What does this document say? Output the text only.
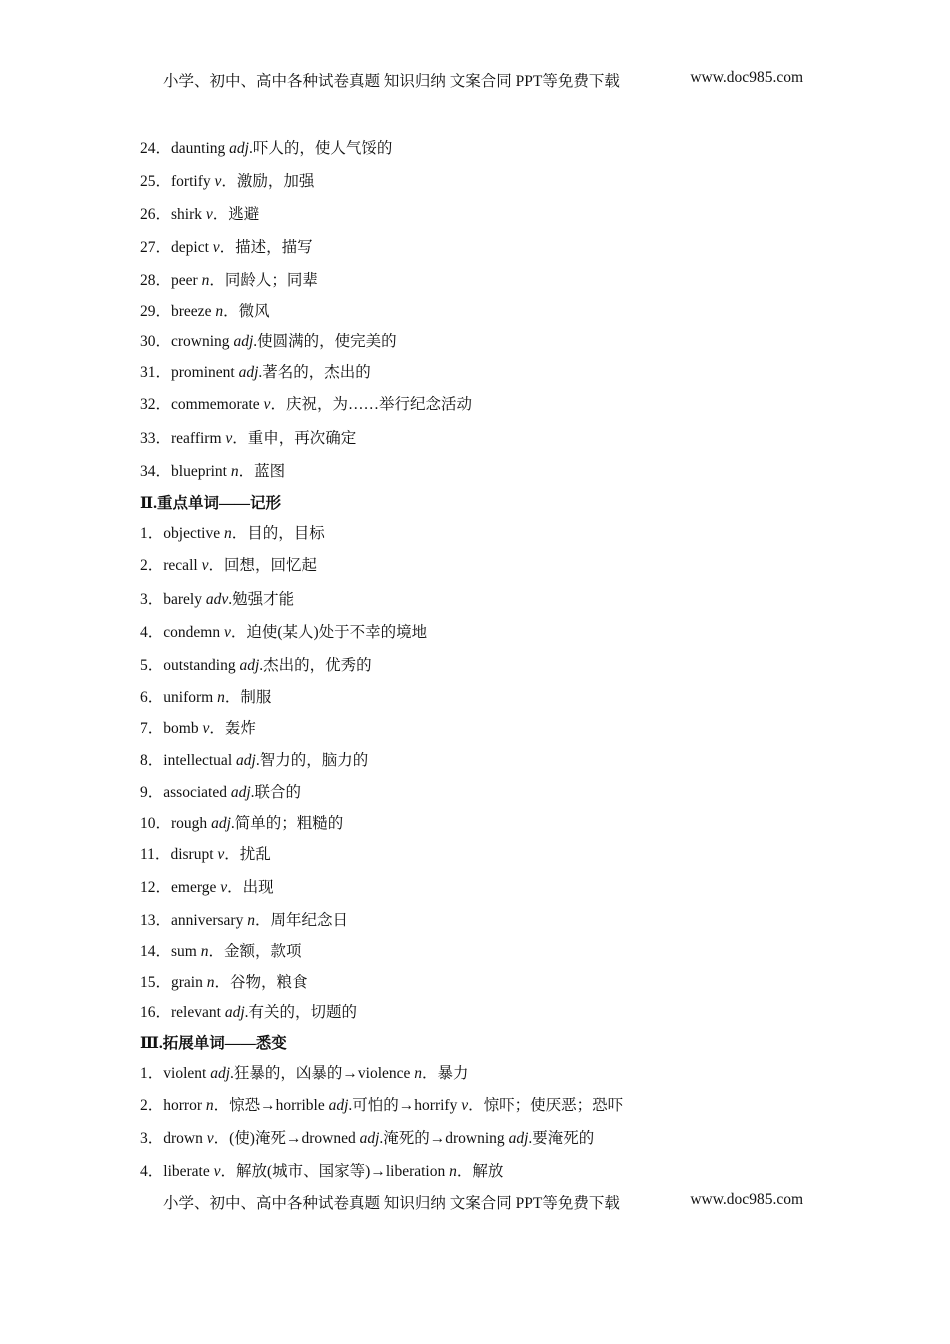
小学、初中、高中各种试卷真题 知识归纳 文案合同 PPT等免费下载	www.doc985.com
24．daunting adj.吓人的，使人气馁的
25．fortify v．激励，加强
26．shirk v．逃避
27．depict v．描述，描写
28．peer n．同龄人；同辈
29．breeze n．微风
30．crowning adj.使圆满的，使完美的
31．prominent adj.著名的，杰出的
32．commemorate v．庆祝，为……举行纪念活动
33．reaffirm v．重申，再次确定
34．blueprint n．蓝图
Ⅱ.重点单词——记形
1．objective n．目的，目标
2．recall v．回想，回忆起
3．barely adv.勉强才能
4．condemn v．迫使(某人)处于不幸的境地
5．outstanding adj.杰出的，优秀的
6．uniform n．制服
7．bomb v．轰炸
8．intellectual adj.智力的，脑力的
9．associated adj.联合的
10．rough adj.简单的；粗糙的
11．disrupt v．扰乱
12．emerge v．出现
13．anniversary n．周年纪念日
14．sum n．金额，款项
15．grain n．谷物，粮食
16．relevant adj.有关的，切题的
Ⅲ.拓展单词——悉变
1．violent adj.狂暴的，凶暴的→violence n．暴力
2．horror n．惊恐→horrible adj.可怕的→horrify v．惊吓；使厌恶；恐吓
3．drown v．(使)淹死→drowned adj.淹死的→drowning adj.要淹死的
4．liberate v．解放(城市、国家等)→liberation n．解放
小学、初中、高中各种试卷真题 知识归纳 文案合同 PPT等免费下载	www.doc985.com
